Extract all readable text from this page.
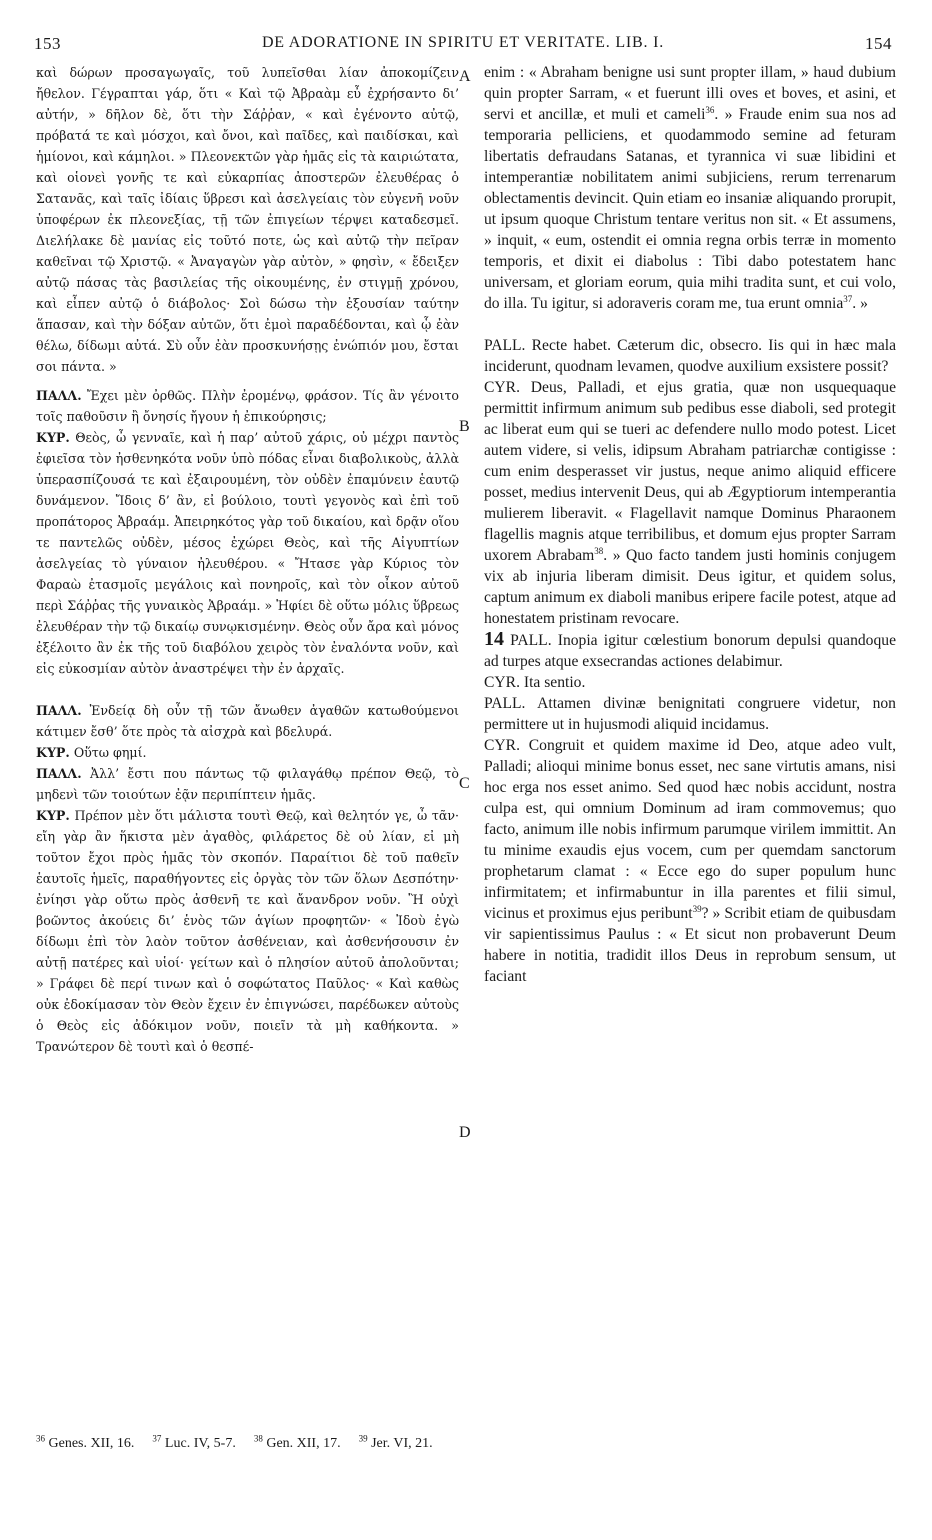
153	DE ADORATIONE IN SPIRITU ET VERITATE. LIB. I.	154
A
B
C
D

καὶ δώρων προσαγωγαῖς, τοῦ λυπεῖσθαι λίαν ἀποκομίζειν ἤθελον. Γέγραπται γάρ, ὅτι « Καὶ τῷ Ἀβραὰμ εὖ ἐχρήσαντο δι’ αὐτήν, » δῆλον δὲ, ὅτι τὴν Σάῤῥαν, « καὶ ἐγένοντο αὐτῷ, πρόβατά τε καὶ μόσχοι, καὶ ὄνοι, καὶ παῖδες, καὶ παιδίσκαι, καὶ ἡμίονοι, καὶ κάμηλοι. » Πλεονεκτῶν γὰρ ἡμᾶς εἰς τὰ καιριώτατα, καὶ οἱονεὶ γονῆς τε καὶ εὐκαρπίας ἀποστερῶν ἐλευθέρας ὁ Σατανᾶς, καὶ ταῖς ἰδίαις ὕβρεσι καὶ ἀσελγείαις τὸν εὐγενῆ νοῦν ὑποφέρων ἐκ πλεονεξίας, τῇ τῶν ἐπιγείων τέρψει καταδεσμεῖ. Διελήλακε δὲ μανίας εἰς τοῦτό ποτε, ὡς καὶ αὐτῷ τὴν πεῖραν καθεῖναι τῷ Χριστῷ. « Ἀναγαγὼν γὰρ αὐτὸν, » φησὶν, « ἔδειξεν αὐτῷ πάσας τὰς βασιλείας τῆς οἰκουμένης, ἐν στιγμῇ χρόνου, καὶ εἶπεν αὐτῷ ὁ διάβολος· Σοὶ δώσω τὴν ἐξουσίαν ταύτην ἅπασαν, καὶ τὴν δόξαν αὐτῶν, ὅτι ἐμοὶ παραδέδονται, καὶ ᾧ ἐὰν θέλω, δίδωμι αὐτά. Σὺ οὖν ἐὰν προσκυνήσῃς ἐνώπιόν μου, ἔσται σοι πάντα. »

ΠΑΛΛ. Ἔχει μὲν ὀρθῶς. Πλὴν ἐρομένῳ, φράσον. Τίς ἂν γένοιτο τοῖς παθοῦσιν ἢ ὄνησίς ἤγουν ἡ ἐπικούρησις;

ΚΥΡ. Θεὸς, ὦ γενναῖε, καὶ ἡ παρ’ αὐτοῦ χάρις, οὐ μέχρι παντὸς ἐφιεῖσα τὸν ἠσθενηκότα νοῦν ὑπὸ πόδας εἶναι διαβολικοὺς, ἀλλὰ ὑπερασπίζουσά τε καὶ ἐξαιρουμένη, τὸν οὐδὲν ἐπαμύνειν ἑαυτῷ δυνάμενον. Ἴδοις δ’ ἂν, εἰ βούλοιο, τουτὶ γεγονὸς καὶ ἐπὶ τοῦ προπάτορος Ἀβραάμ. Ἀπειρηκότος γὰρ τοῦ δικαίου, καὶ δρᾷν οἵου τε παντελῶς οὐδὲν, μέσος ἐχώρει Θεὸς, καὶ τῆς Αἰγυπτίων ἀσελγείας τὸ γύναιον ἠλευθέρου. « Ἤτασε γὰρ Κύριος τὸν Φαραὼ ἐτασμοῖς μεγάλοις καὶ πονηροῖς, καὶ τὸν οἶκον αὐτοῦ περὶ Σάῤῥας τῆς γυναικὸς Ἀβραάμ. » Ἠφίει δὲ οὕτω μόλις ὕβρεως ἐλευθέραν τὴν τῷ δικαίῳ συνῳκισμένην. Θεὸς οὖν ἄρα καὶ μόνος ἐξέλοιτο ἂν ἐκ τῆς τοῦ διαβόλου χειρὸς τὸν ἐναλόντα νοῦν, καὶ εἰς εὐκοσμίαν αὐτὸν ἀναστρέψει τὴν ἐν ἀρχαῖς.

ΠΑΛΛ. Ἐνδείᾳ δὴ οὖν τῇ τῶν ἄνωθεν ἀγαθῶν κατωθούμενοι κάτιμεν ἔσθ’ ὅτε πρὸς τὰ αἰσχρὰ καὶ βδελυρά.

ΚΥΡ. Οὕτω φημί.

ΠΑΛΛ. Ἀλλ’ ἔστι που πάντως τῷ φιλαγάθῳ πρέπον Θεῷ, τὸ μηδενὶ τῶν τοιούτων ἐᾷν περιπίπτειν ἡμᾶς.

ΚΥΡ. Πρέπον μὲν ὅτι μάλιστα τουτὶ Θεῷ, καὶ θελητόν γε, ὦ τᾶν· εἴη γὰρ ἂν ἥκιστα μὲν ἀγαθὸς, φιλάρετος δὲ οὐ λίαν, εἰ μὴ τοῦτον ἔχοι πρὸς ἡμᾶς τὸν σκοπόν. Παραίτιοι δὲ τοῦ παθεῖν ἑαυτοῖς ἡμεῖς, παραθήγοντες εἰς ὀργὰς τὸν τῶν ὅλων Δεσπότην· ἐνίησι γὰρ οὕτω πρὸς ἀσθενῆ τε καὶ ἄνανδρον νοῦν. Ἢ οὐχὶ βοῶντος ἀκούεις δι’ ἑνὸς τῶν ἁγίων προφητῶν· « Ἰδοὺ ἐγὼ δίδωμι ἐπὶ τὸν λαὸν τοῦτον ἀσθένειαν, καὶ ἀσθενήσουσιν ἐν αὐτῇ πατέρες καὶ υἱοί· γείτων καὶ ὁ πλησίον αὐτοῦ ἀπολοῦνται; » Γράφει δὲ περί τινων καὶ ὁ σοφώτατος Παῦλος· « Καὶ καθὼς οὐκ ἐδοκίμασαν τὸν Θεὸν ἔχειν ἐν ἐπιγνώσει, παρέδωκεν αὐτοὺς ὁ Θεὸς εἰς ἀδόκιμον νοῦν, ποιεῖν τὰ μὴ καθήκοντα. » Τρανώτερον δὲ τουτὶ καὶ ὁ θεσπέ-

enim : « Abraham benigne usi sunt propter illam, » haud dubium quin propter Sarram, « et fuerunt illi oves et boves, et asini, et servi et ancillæ, et muli et cameli$^{36}$. » Fraude enim sua nos ad temporaria pelliciens, et quodammodo semine ad feturam libertatis defraudans Satanas, et tyrannica vi suæ libidini et intemperantiæ nobilitatem animi subjiciens, rerum terrenarum oblectamentis devincit. Quin etiam eo insaniæ aliquando prorupit, ut ipsum quoque Christum tentare veritus non sit. « Et assumens, » inquit, « eum, ostendit ei omnia regna orbis terræ in momento temporis, et dixit ei diabolus : Tibi dabo potestatem hanc universam, et gloriam eorum, quia mihi tradita sunt, et cui volo, do illa. Tu igitur, si adoraveris coram me, tua erunt omnia$^{37}$. »

PALL. Recte habet. Cæterum dic, obsecro. Iis qui in hæc mala inciderunt, quodnam levamen, quodve auxilium exsistere possit?

CYR. Deus, Palladi, et ejus gratia, quæ non usquequaque permittit infirmum animum sub pedibus esse diaboli, sed protegit ac liberat eum qui se tueri ac defendere nullo modo potest. Licet autem videre, si velis, idipsum Abraham patriarchæ contigisse : cum enim desperasset vir justus, neque animo aliquid efficere posset, medius intervenit Deus, qui ab Ægyptiorum intemperantia mulierem liberavit. « Flagellavit namque Dominus Pharaonem flagellis magnis atque terribilibus, et domum ejus propter Sarram uxorem Abrabam$^{38}$. » Quo facto tandem justi hominis conjugem vix ab injuria liberam dimisit. Deus igitur, et quidem solus, captum animum ex diaboli manibus eripere facile potest, atque ad honestatem pristinam revocare.

14 PALL. Inopia igitur cœlestium bonorum depulsi quandoque ad turpes atque exsecrandas actiones delabimur.

CYR. Ita sentio.

PALL. Attamen divinæ benignitati congruere videtur, non permittere ut in hujusmodi aliquid incidamus.

CYR. Congruit et quidem maxime id Deo, atque adeo vult, Palladi; alioqui minime bonus esset, nec sane virtutis amans, nisi hoc erga nos esset animo. Sed quod hæc nobis accidunt, nostra culpa est, qui omnium Dominum ad iram commovemus; quo facto, animum ille nobis infirmum parumque virilem immittit. An tu minime exaudis ejus vocem, cum per quemdam sanctorum prophetarum clamat : « Ecce ego do super populum hunc infirmitatem; et infirmabuntur in illa parentes et filii simul, vicinus et proximus ejus peribunt$^{39}$? » Scribit etiam de quibusdam vir sapientissimus Paulus : « Et sicut non probaverunt Deum habere in notitia, tradidit illos Deus in reprobum sensum, ut faciant

$^{36}$ Genes. XII, 16. $^{37}$ Luc. IV, 5-7. $^{38}$ Gen. XII, 17. $^{39}$ Jer. VI, 21.
